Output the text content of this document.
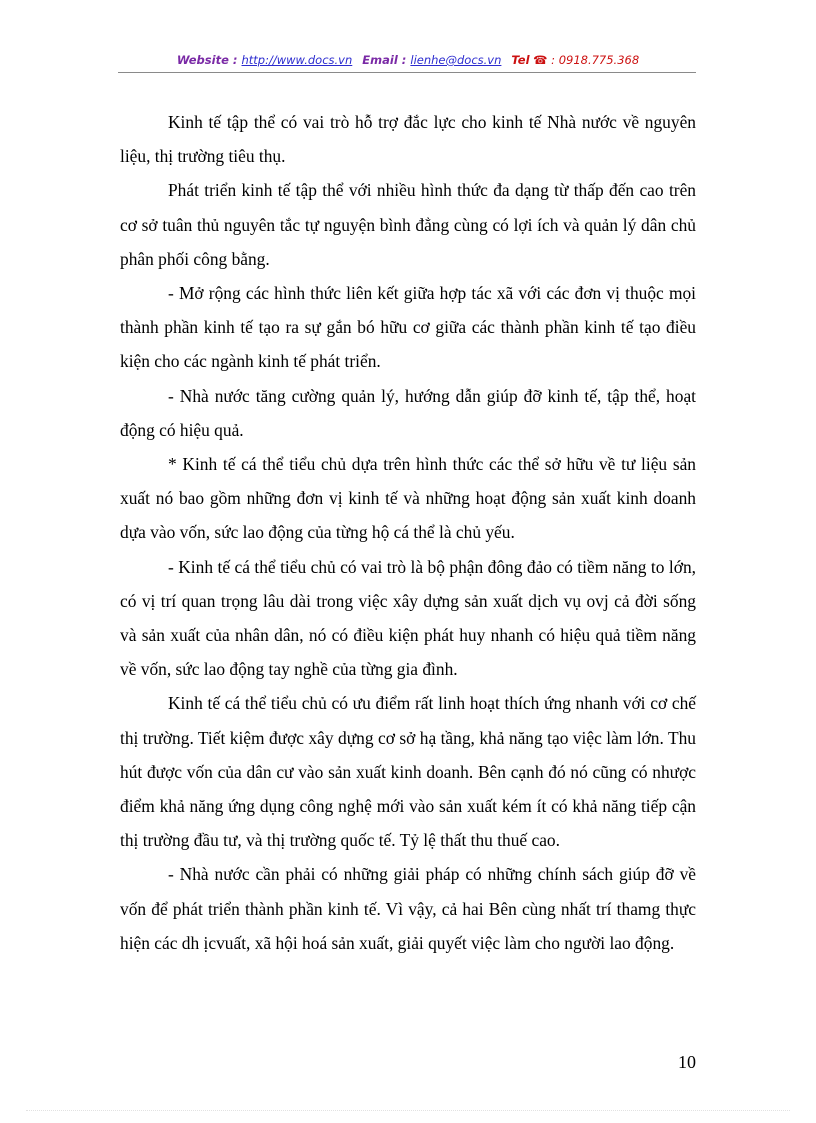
Website : http://www.docs.vn Email : lienhe@docs.vn Tel ☎ : 0918.775.368

Kinh tế tập thể có vai trò hỗ trợ đắc lực cho kinh tế Nhà nước về nguyên liệu, thị trường tiêu thụ.

Phát triển kinh tế tập thể với nhiều hình thức đa dạng từ thấp đến cao trên cơ sở tuân thủ nguyên tắc tự nguyện bình đẳng cùng có lợi ích và quản lý dân chủ phân phối công bằng.

- Mở rộng các hình thức liên kết giữa hợp tác xã với các đơn vị thuộc mọi thành phần kinh tế tạo ra sự gắn bó hữu cơ giữa các thành phần kinh tế tạo điều kiện cho các ngành kinh tế phát triển.

- Nhà nước tăng cường quản lý, hướng dẫn giúp đỡ kinh tế, tập thể, hoạt động có hiệu quả.

* Kinh tế cá thể tiểu chủ dựa trên hình thức các thể sở hữu về tư liệu sản xuất nó bao gồm những đơn vị kinh tế và những hoạt động sản xuất kinh doanh dựa vào vốn, sức lao động của từng hộ cá thể là chủ yếu.

- Kinh tế cá thể tiểu chủ có vai trò là bộ phận đông đảo có tiềm năng to lớn, có vị trí quan trọng lâu dài trong việc xây dựng sản xuất dịch vụ ovj cả đời sống và sản xuất của nhân dân, nó có điều kiện phát huy nhanh có hiệu quả tiềm năng về vốn, sức lao động tay nghề của từng gia đình.

Kinh tế cá thể tiểu chủ có ưu điểm rất linh hoạt thích ứng nhanh với cơ chế thị trường. Tiết kiệm được xây dựng cơ sở hạ tầng, khả năng tạo việc làm lớn. Thu hút được vốn của dân cư vào sản xuất kinh doanh. Bên cạnh đó nó cũng có nhược điểm khả năng ứng dụng công nghệ mới vào sản xuất kém ít có khả năng tiếp cận thị trường đầu tư, và thị trường quốc tế. Tỷ lệ thất thu thuế cao.

- Nhà nước cần phải có những giải pháp có những chính sách giúp đỡ về vốn để phát triển thành phần kinh tế. Vì vậy, cả hai Bên cùng nhất trí thamg thực hiện các dh ịcvuất, xã hội hoá sản xuất, giải quyết việc làm cho người lao động.

10
